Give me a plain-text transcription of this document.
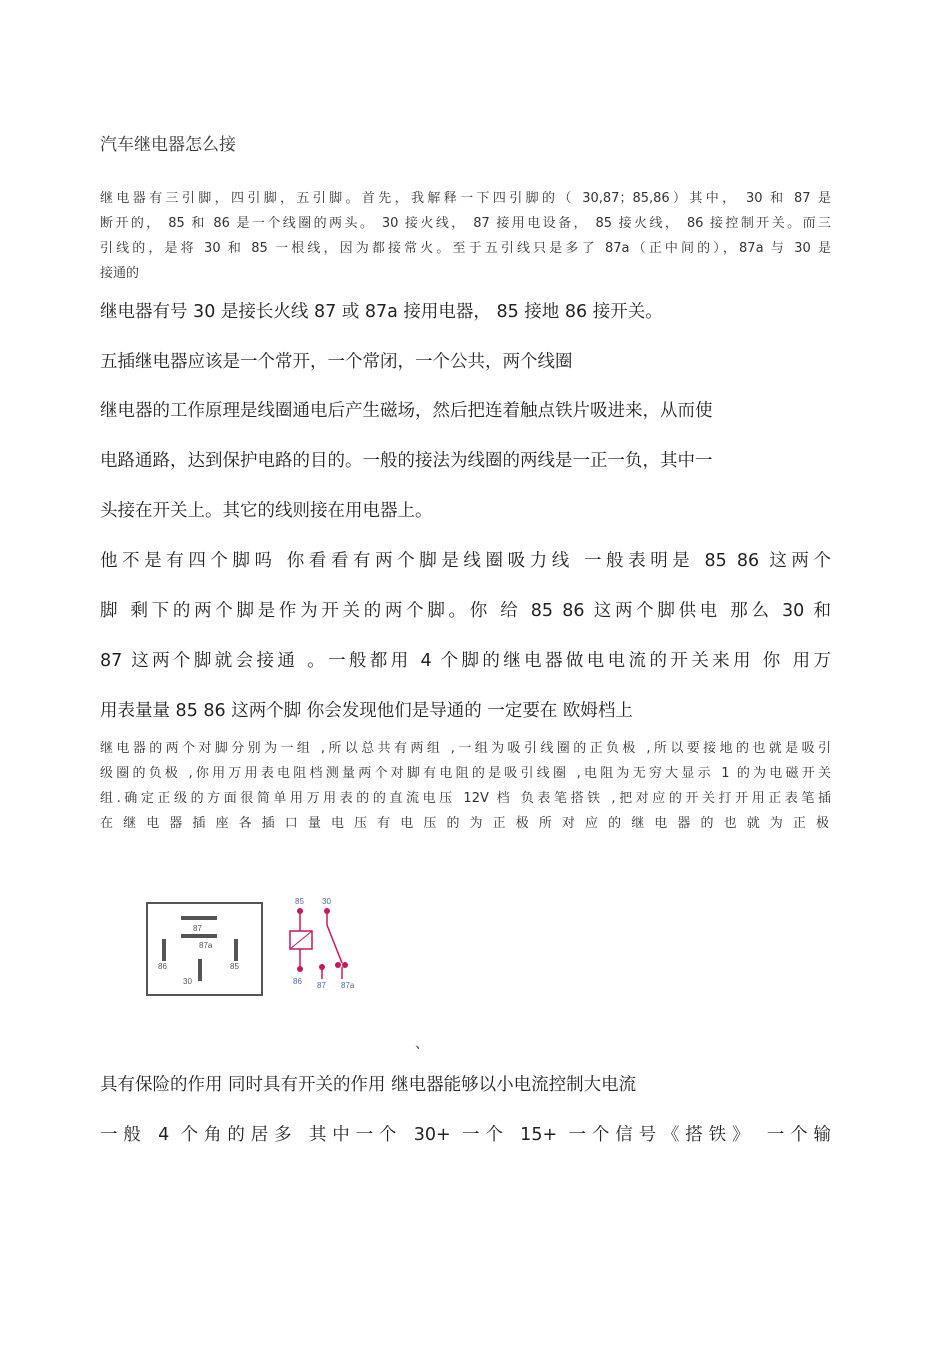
汽车继电器怎么接
继电器有三引脚，四引脚，五引脚。首先，我解释一下四引脚的（ 30,87；85,86）其中， 30 和 87 是
断开的， 85 和 86 是一个线圈的两头。 30 接火线， 87 接用电设备， 85 接火线， 86 接控制开关。而三
引线的，是将 30 和 85 一根线，因为都接常火。至于五引线只是多了 87a（正中间的），87a 与 30 是
接通的
继电器有号 30 是接长火线 87 或 87a 接用电器， 85 接地 86 接开关。
五插继电器应该是一个常开，一个常闭，一个公共，两个线圈
继电器的工作原理是线圈通电后产生磁场，然后把连着触点铁片吸进来，从而使
电路通路，达到保护电路的目的。一般的接法为线圈的两线是一正一负，其中一
头接在开关上。其它的线则接在用电器上。
他不是有四个脚吗 你看看有两个脚是线圈吸力线 一般表明是 85 86 这两个
脚 剩下的两个脚是作为开关的两个脚。你 给 85 86 这两个脚供电 那么 30 和
87 这两个脚就会接通 。一般都用 4 个脚的继电器做电电流的开关来用 你 用万
用表量量 85 86 这两个脚 你会发现他们是导通的 一定要在 欧姆档上
继电器的两个对脚分别为一组 ,所以总共有两组 ,一组为吸引线圈的正负极 ,所以要接地的也就是吸引
级圈的负极 ,你用万用表电阻档测量两个对脚有电阻的是吸引线圈 ,电阻为无穷大显示 1 的为电磁开关
组.确定正级的方面很简单用万用表的的直流电压 12V 档 负表笔搭铁 ,把对应的开关打开用正表笔插
在继电器插座各插口量电压有电压的为正极所对应的继电器的也就为正极
87
87a
86	85
30
85 30
86 87 87a
、
具有保险的作用 同时具有开关的作用 继电器能够以小电流控制大电流
一般 4 个角的居多 其中一个 30+ 一个 15+ 一个信号《搭铁》 一个输
